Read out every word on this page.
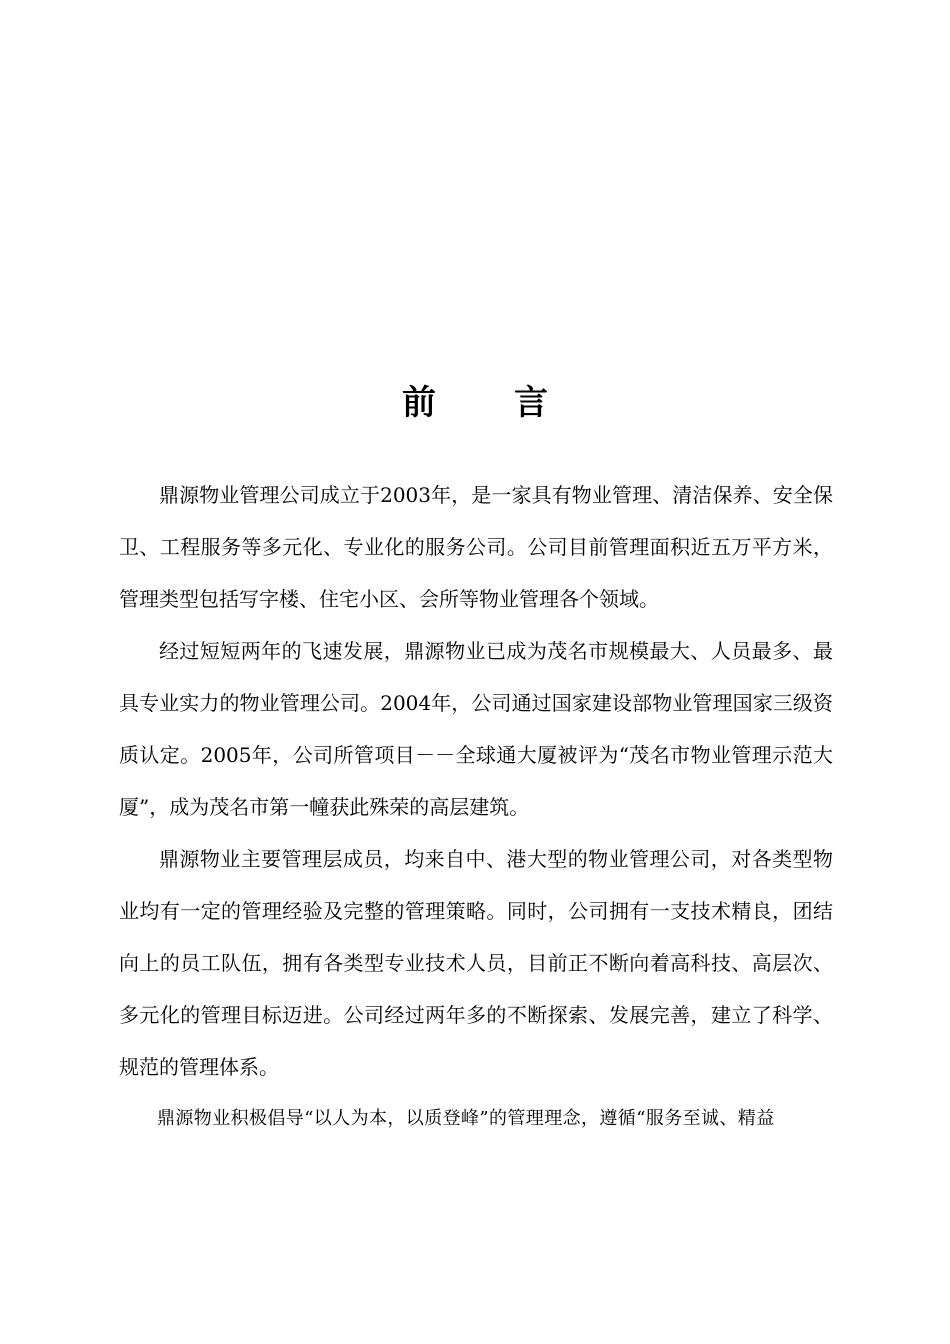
前言

鼎源物业管理公司成立于2003年，是一家具有物业管理、清洁保养、安全保卫、工程服务等多元化、专业化的服务公司。公司目前管理面积近五万平方米，管理类型包括写字楼、住宅小区、会所等物业管理各个领域。

经过短短两年的飞速发展，鼎源物业已成为茂名市规模最大、人员最多、最具专业实力的物业管理公司。2004年，公司通过国家建设部物业管理国家三级资质认定。2005年，公司所管项目－－全球通大厦被评为“茂名市物业管理示范大厦”，成为茂名市第一幢获此殊荣的高层建筑。

鼎源物业主要管理层成员，均来自中、港大型的物业管理公司，对各类型物业均有一定的管理经验及完整的管理策略。同时，公司拥有一支技术精良，团结向上的员工队伍，拥有各类型专业技术人员，目前正不断向着高科技、高层次、多元化的管理目标迈进。公司经过两年多的不断探索、发展完善，建立了科学、规范的管理体系。

鼎源物业积极倡导“以人为本，以质登峰”的管理理念，遵循“服务至诚、精益
